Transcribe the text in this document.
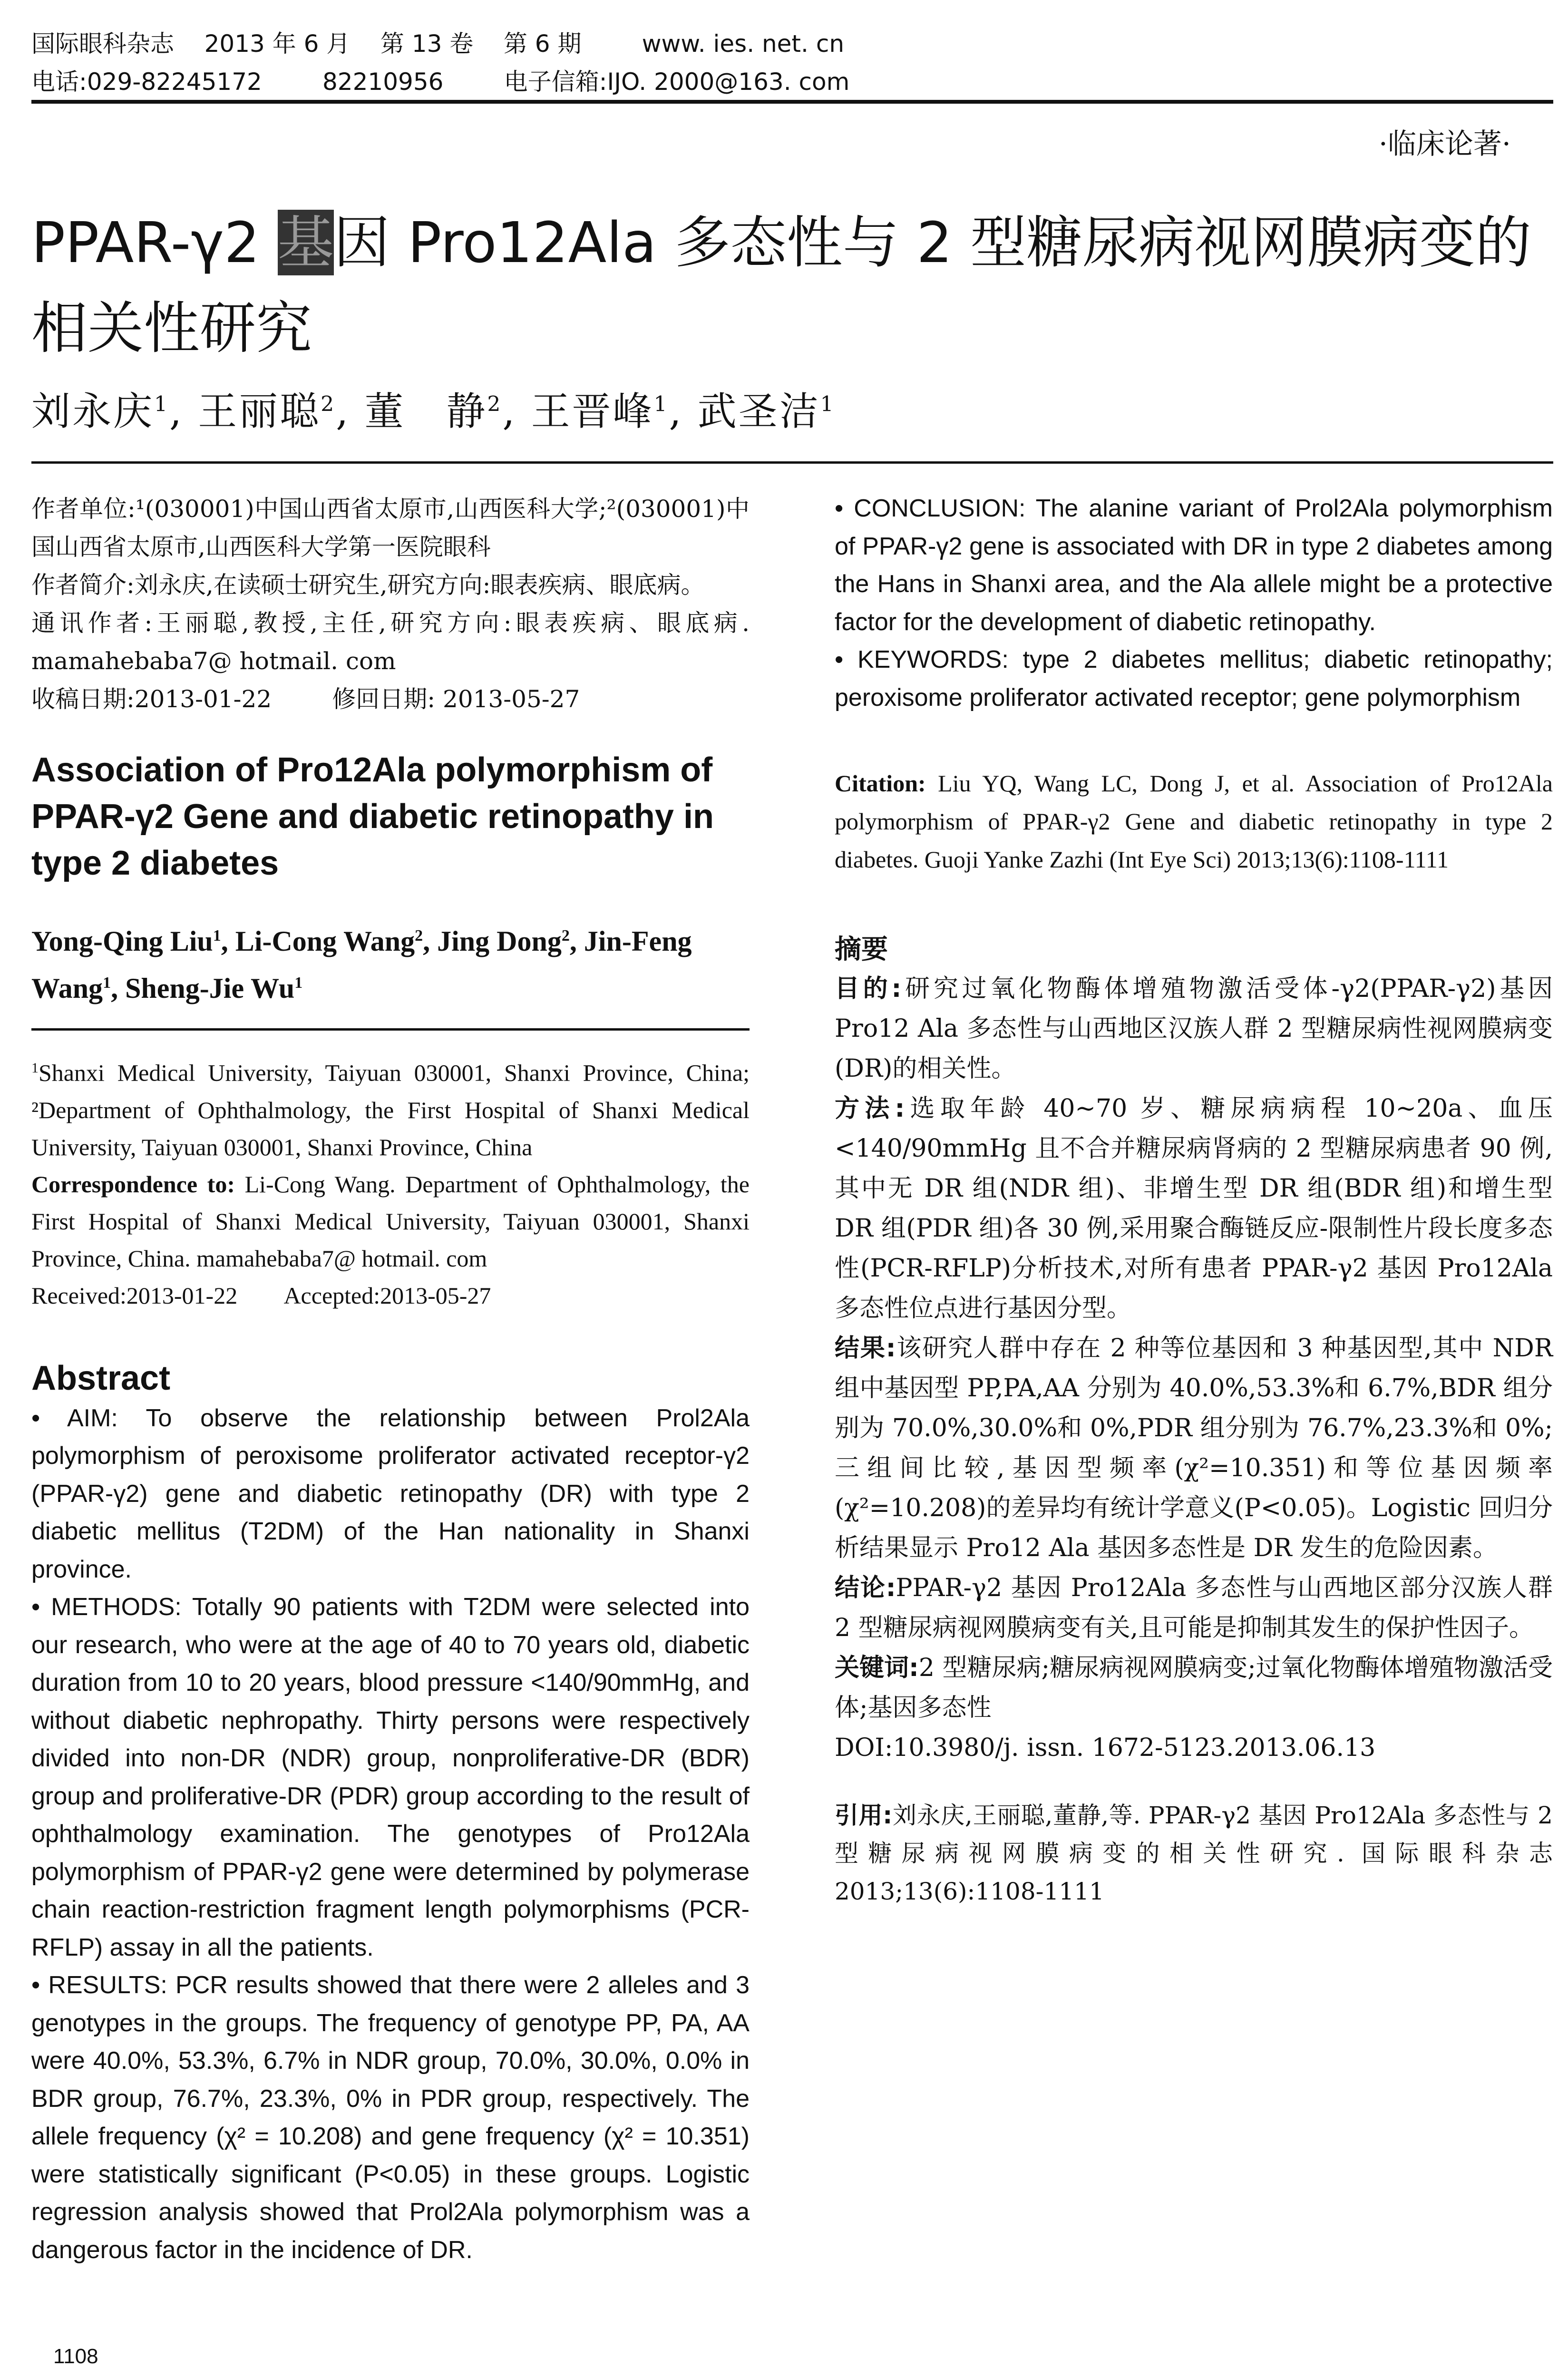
国际眼科杂志    2013 年 6 月    第 13 卷    第 6 期        www. ies. net. cn
电话:029-82245172        82210956        电子信箱:IJO. 2000@163. com
·临床论著·
PPAR-γ2 基因 Pro12Ala 多态性与 2 型糖尿病视网膜病变的相关性研究
刘永庆$^1$, 王丽聪$^2$, 董　静$^2$, 王晋峰$^1$, 武圣洁$^1$
作者单位:¹(030001)中国山西省太原市,山西医科大学;²(030001)中国山西省太原市,山西医科大学第一医院眼科
作者简介:刘永庆,在读硕士研究生,研究方向:眼表疾病、眼底病。
通讯作者:王丽聪,教授,主任,研究方向:眼表疾病、眼底病. mamahebaba7@ hotmail. com
收稿日期:2013-01-22        修回日期: 2013-05-27
Association of Pro12Ala polymorphism of PPAR-γ2 Gene and diabetic retinopathy in type 2 diabetes
Yong-Qing Liu$^1$, Li-Cong Wang$^2$, Jing Dong$^2$, Jin-Feng Wang$^1$, Sheng-Jie Wu$^1$
$^1$Shanxi Medical University, Taiyuan 030001, Shanxi Province, China; ²Department of Ophthalmology, the First Hospital of Shanxi Medical University, Taiyuan 030001, Shanxi Province, China
Correspondence to: Li-Cong Wang. Department of Ophthalmology, the First Hospital of Shanxi Medical University, Taiyuan 030001, Shanxi Province, China. mamahebaba7@ hotmail. com
Received:2013-01-22        Accepted:2013-05-27
Abstract

• AIM: To observe the relationship between Prol2Ala polymorphism of peroxisome proliferator activated receptor-γ2 (PPAR-γ2) gene and diabetic retinopathy (DR) with type 2 diabetic mellitus (T2DM) of the Han nationality in Shanxi province.

• METHODS: Totally 90 patients with T2DM were selected into our research, who were at the age of 40 to 70 years old, diabetic duration from 10 to 20 years, blood pressure <140/90mmHg, and without diabetic nephropathy. Thirty persons were respectively divided into non-DR (NDR) group, nonproliferative-DR (BDR) group and proliferative-DR (PDR) group according to the result of ophthalmology examination. The genotypes of Pro12Ala polymorphism of PPAR-γ2 gene were determined by polymerase chain reaction-restriction fragment length polymorphisms (PCR-RFLP) assay in all the patients.

• RESULTS: PCR results showed that there were 2 alleles and 3 genotypes in the groups. The frequency of genotype PP, PA, AA were 40.0%, 53.3%, 6.7% in NDR group, 70.0%, 30.0%, 0.0% in BDR group, 76.7%, 23.3%, 0% in PDR group, respectively. The allele frequency (χ² = 10.208) and gene frequency (χ² = 10.351) were statistically significant (P<0.05) in these groups. Logistic regression analysis showed that Prol2Ala polymorphism was a dangerous factor in the incidence of DR.

• CONCLUSION: The alanine variant of Prol2Ala polymorphism of PPAR-γ2 gene is associated with DR in type 2 diabetes among the Hans in Shanxi area, and the Ala allele might be a protective factor for the development of diabetic retinopathy.

• KEYWORDS: type 2 diabetes mellitus; diabetic retinopathy; peroxisome proliferator activated receptor; gene polymorphism

Citation: Liu YQ, Wang LC, Dong J, et al. Association of Pro12Ala polymorphism of PPAR-γ2 Gene and diabetic retinopathy in type 2 diabetes. Guoji Yanke Zazhi (Int Eye Sci) 2013;13(6):1108-1111
摘要

目的:研究过氧化物酶体增殖物激活受体-γ2(PPAR-γ2)基因 Pro12 Ala 多态性与山西地区汉族人群 2 型糖尿病性视网膜病变(DR)的相关性。

方法:选取年龄 40~70 岁、糖尿病病程 10~20a、血压<140/90mmHg 且不合并糖尿病肾病的 2 型糖尿病患者 90 例,其中无 DR 组(NDR 组)、非增生型 DR 组(BDR 组)和增生型 DR 组(PDR 组)各 30 例,采用聚合酶链反应-限制性片段长度多态性(PCR-RFLP)分析技术,对所有患者 PPAR-γ2 基因 Pro12Ala 多态性位点进行基因分型。

结果:该研究人群中存在 2 种等位基因和 3 种基因型,其中 NDR 组中基因型 PP,PA,AA 分别为 40.0%,53.3%和 6.7%,BDR 组分别为 70.0%,30.0%和 0%,PDR 组分别为 76.7%,23.3%和 0%;三组间比较,基因型频率(χ²=10.351)和等位基因频率(χ²=10.208)的差异均有统计学意义(P<0.05)。Logistic 回归分析结果显示 Pro12 Ala 基因多态性是 DR 发生的危险因素。

结论:PPAR-γ2 基因 Pro12Ala 多态性与山西地区部分汉族人群 2 型糖尿病视网膜病变有关,且可能是抑制其发生的保护性因子。

关键词:2 型糖尿病;糖尿病视网膜病变;过氧化物酶体增殖物激活受体;基因多态性

DOI:10.3980/j. issn. 1672-5123.2013.06.13
引用:刘永庆,王丽聪,董静,等. PPAR-γ2 基因 Pro12Ala 多态性与 2 型糖尿病视网膜病变的相关性研究. 国际眼科杂志 2013;13(6):1108-1111
1108
